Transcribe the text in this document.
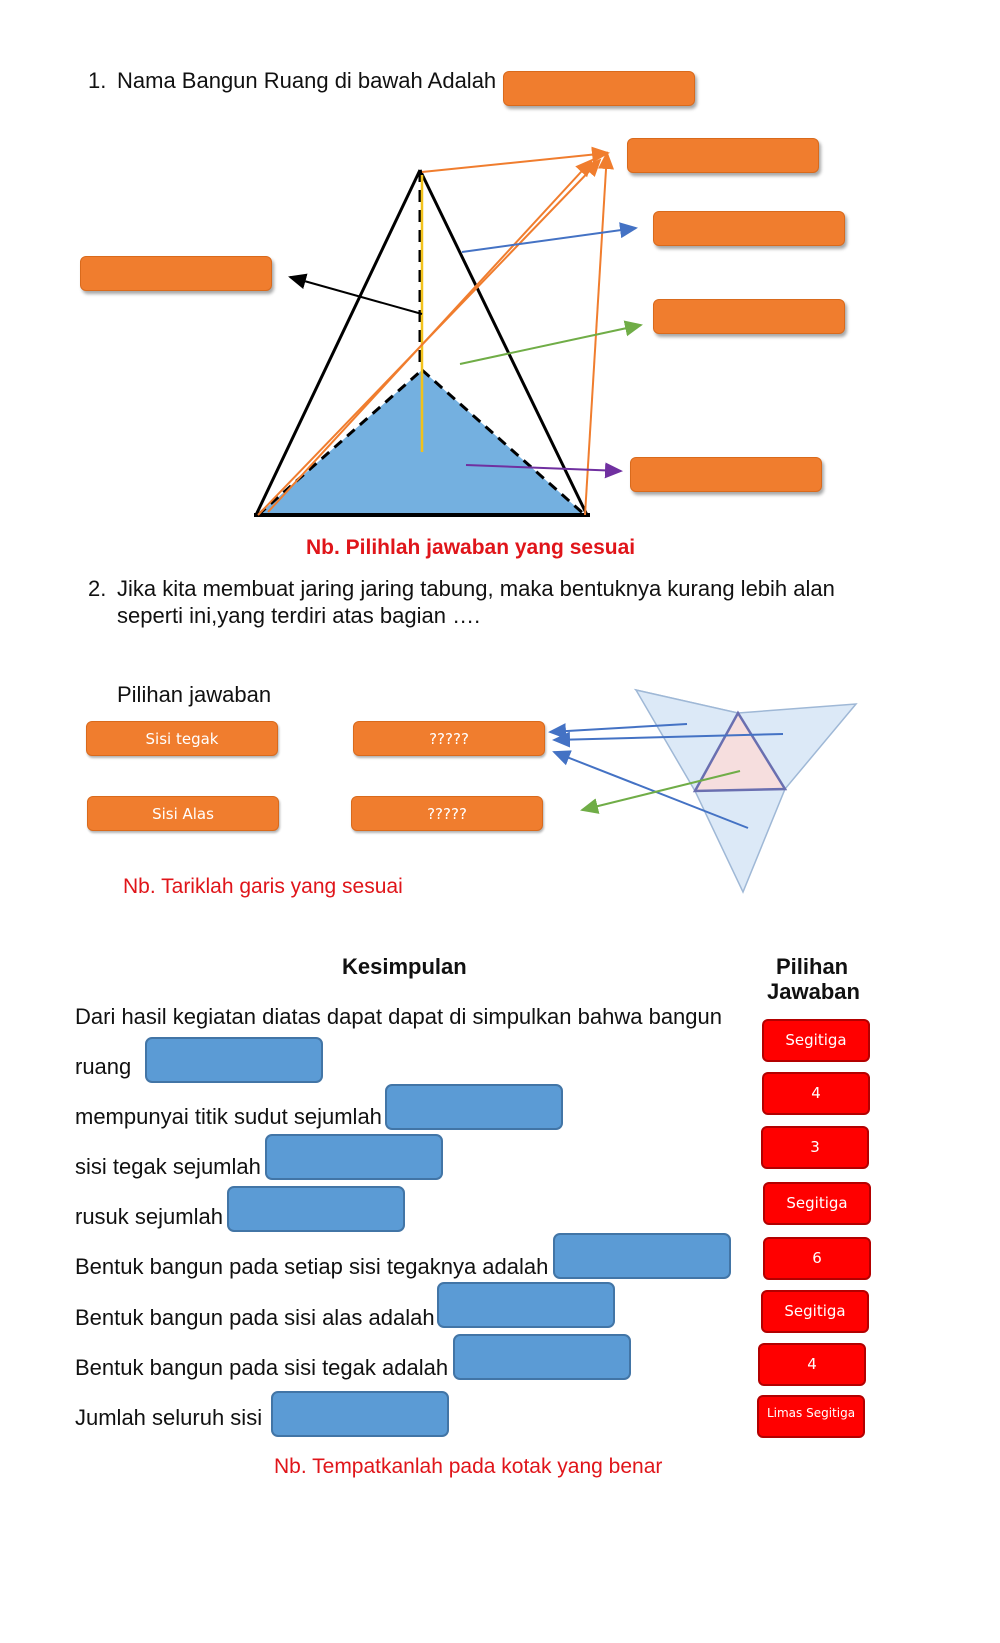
1. Nama Bangun Ruang di bawah Adalah
Nb. Pilihlah jawaban yang sesuai
2. Jika kita membuat jaring jaring tabung, maka bentuknya kurang lebih alan
seperti ini,yang terdiri atas bagian ….
Pilihan jawaban
Sisi tegak
Sisi Alas
?????
?????
Nb. Tariklah garis yang sesuai
Kesimpulan	Pilihan
Jawaban
Dari hasil kegiatan diatas dapat dapat di simpulkan bahwa bangun
ruang
mempunyai titik sudut sejumlah
sisi tegak sejumlah
rusuk sejumlah
Bentuk bangun pada setiap sisi tegaknya adalah
Bentuk bangun pada sisi alas adalah
Bentuk bangun pada sisi tegak adalah
Jumlah seluruh sisi
Segitiga
4
3
Segitiga
6
Segitiga
4
Limas Segitiga
Nb. Tempatkanlah pada kotak yang benar
